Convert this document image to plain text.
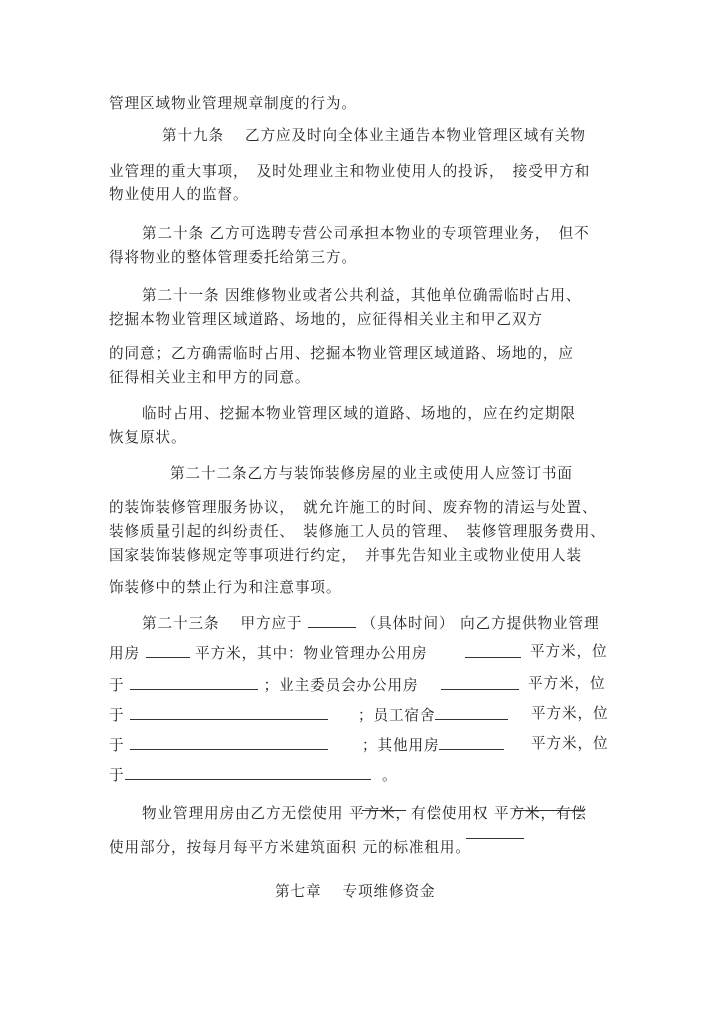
管理区域物业管理规章制度的行为。
第十九条　 乙方应及时向全体业主通告本物业管理区域有关物
业管理的重大事项，　及时处理业主和物业使用人的投诉，　接受甲方和
物业使用人的监督。
第二十条 乙方可选聘专营公司承担本物业的专项管理业务，　但不
得将物业的整体管理委托给第三方。
第二十一条 因维修物业或者公共利益，其他单位确需临时占用、
挖掘本物业管理区域道路、场地的，应征得相关业主和甲乙双方
的同意；乙方确需临时占用、挖掘本物业管理区域道路、场地的，应
征得相关业主和甲方的同意。
临时占用、挖掘本物业管理区域的道路、场地的，应在约定期限
恢复原状。
第二十二条乙方与装饰装修房屋的业主或使用人应签订书面
的装饰装修管理服务协议，　就允许施工的时间、废弃物的清运与处置、
装修质量引起的纠纷责任、　装修施工人员的管理、　装修管理服务费用、
国家装饰装修规定等事项进行约定，　并事先告知业主或物业使用人装
饰装修中的禁止行为和注意事项。
第二十三条　 甲方应于	（具体时间） 向乙方提供物业管理
用房	平方米，其中：物业管理办公用房	平方米，位
于	；业主委员会办公用房	平方米，位
于	；员工宿舍	平方米，位
于	；其他用房	平方米，位
于	。
物业管理用房由乙方无偿使用 平方米，有偿使用权 平方米，有偿
使用部分，按每月每平方米建筑面积 元的标准租用。
第七章　 专项维修资金
